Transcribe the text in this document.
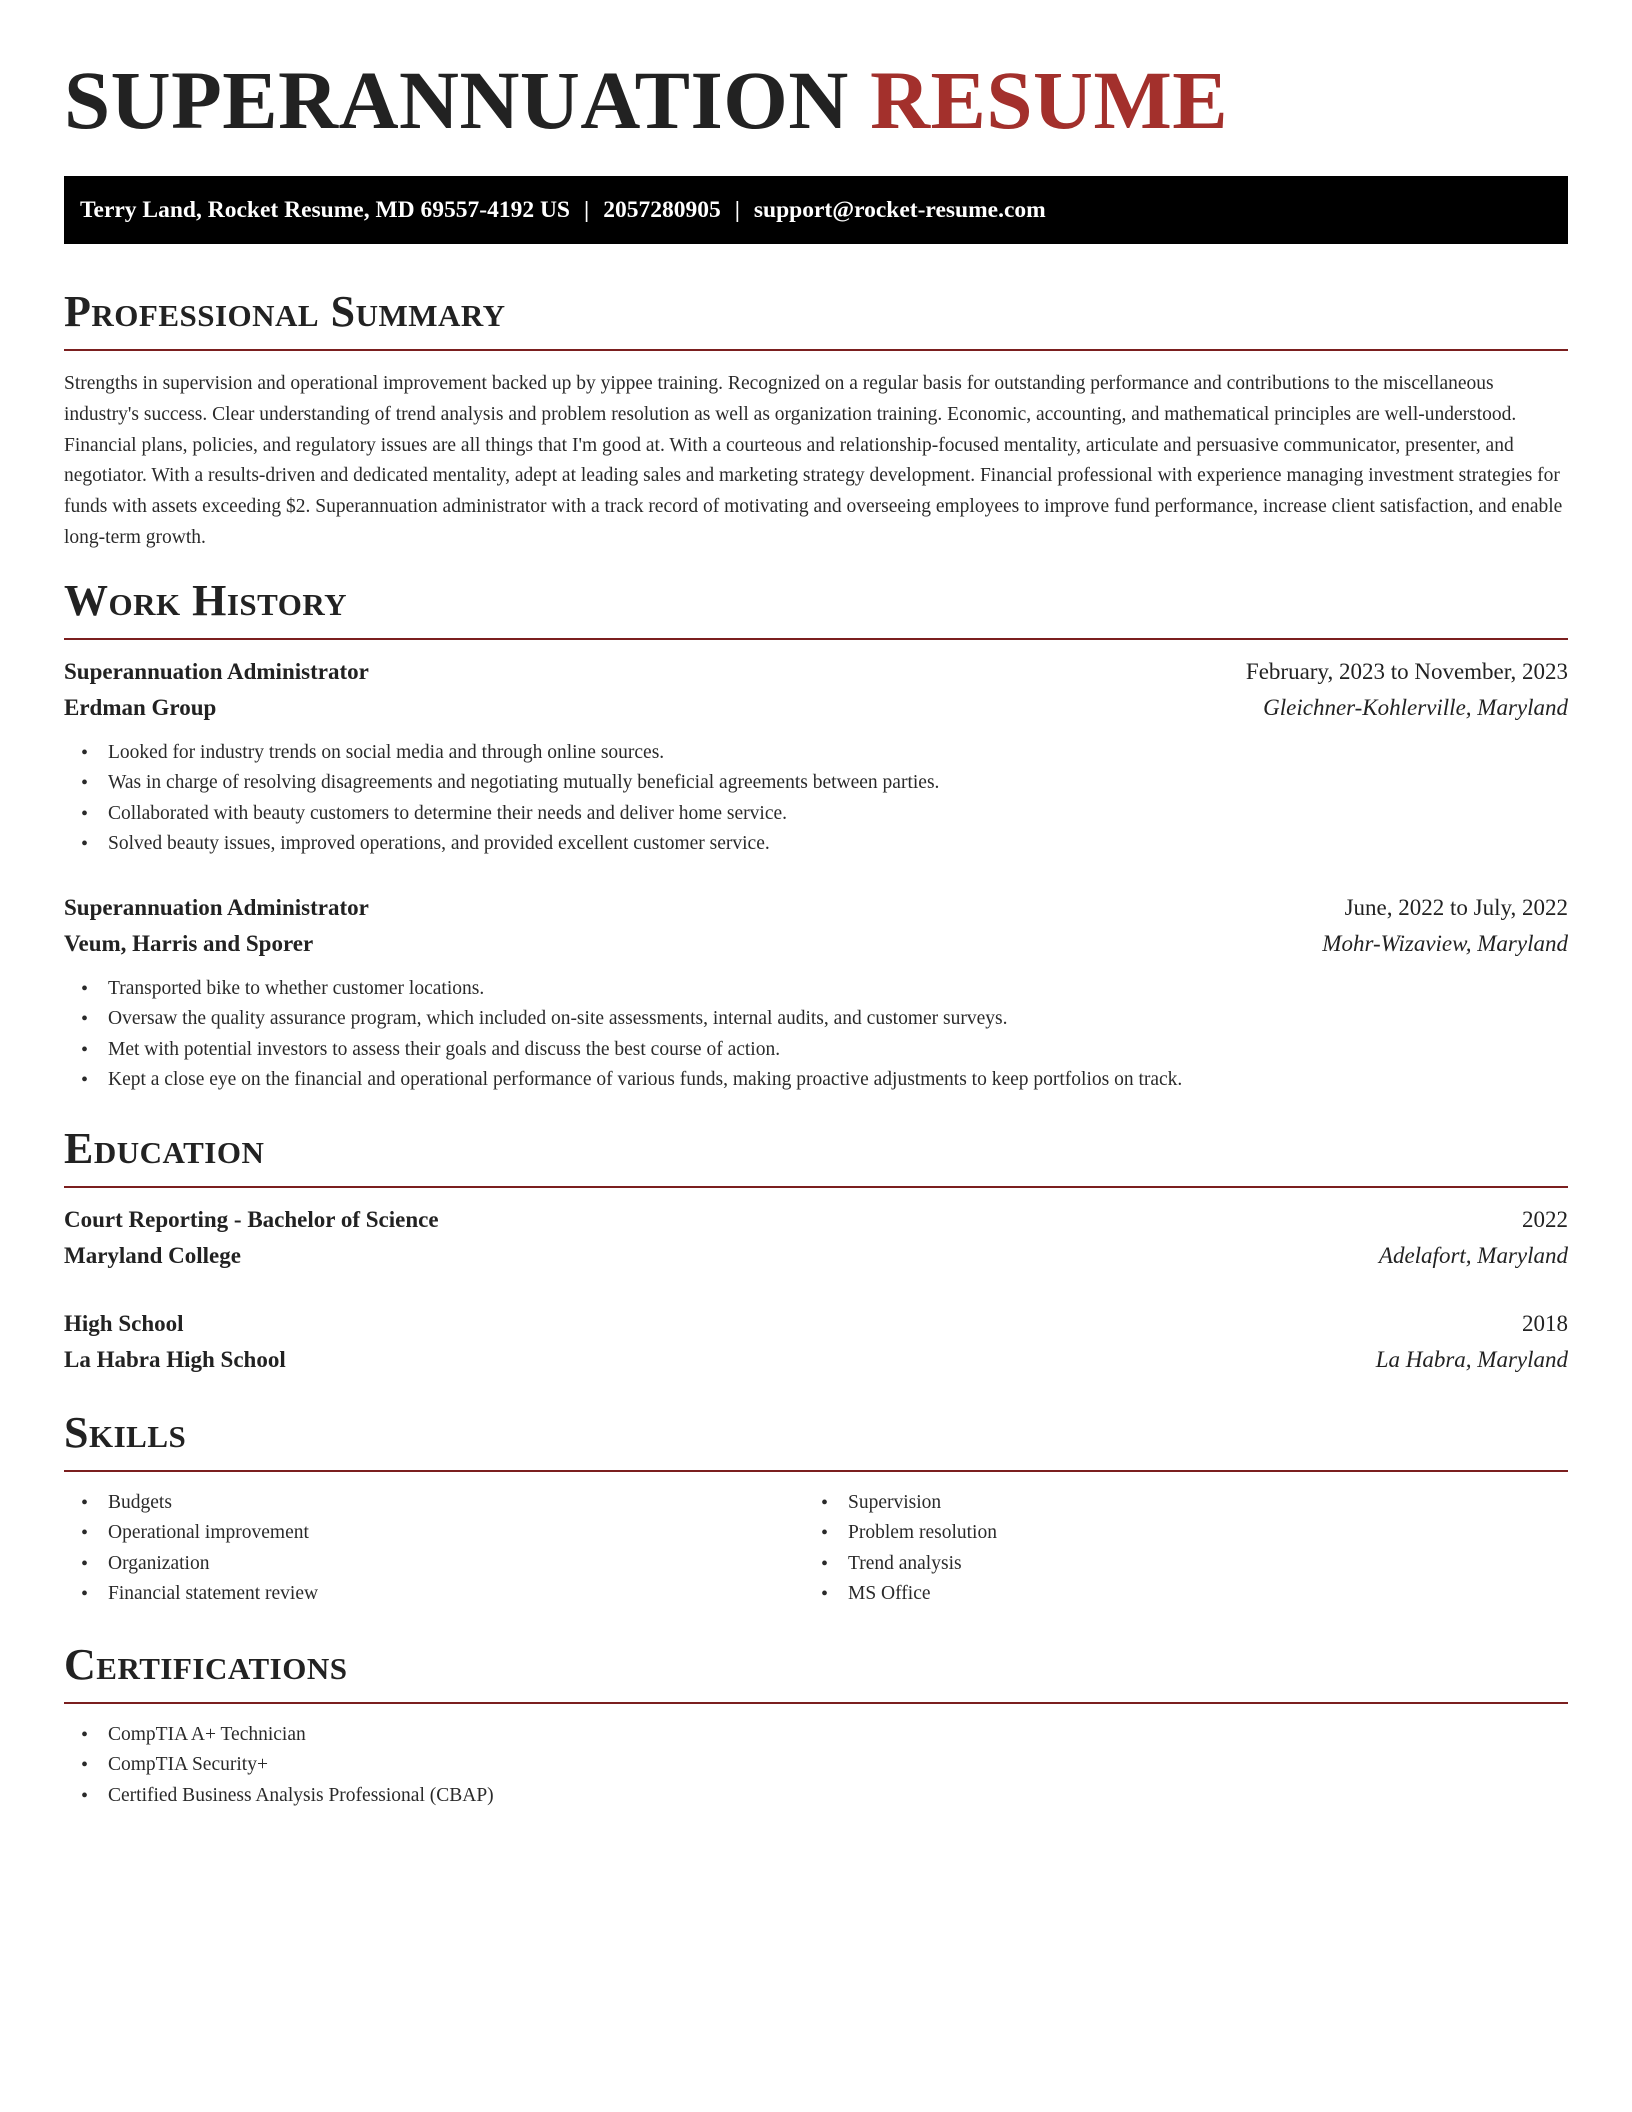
SUPERANNUATION RESUME
Terry Land, Rocket Resume, MD 69557-4192 US | 2057280905 | support@rocket-resume.com
Professional Summary

Strengths in supervision and operational improvement backed up by yippee training. Recognized on a regular basis for outstanding performance and contributions to the miscellaneous industry's success. Clear understanding of trend analysis and problem resolution as well as organization training. Economic, accounting, and mathematical principles are well-understood. Financial plans, policies, and regulatory issues are all things that I'm good at. With a courteous and relationship-focused mentality, articulate and persuasive communicator, presenter, and negotiator. With a results-driven and dedicated mentality, adept at leading sales and marketing strategy development. Financial professional with experience managing investment strategies for funds with assets exceeding $2. Superannuation administrator with a track record of motivating and overseeing employees to improve fund performance, increase client satisfaction, and enable long-term growth.

Work History
Superannuation Administrator	February, 2023 to November, 2023
Erdman Group	Gleichner-Kohlerville, Maryland
• Looked for industry trends on social media and through online sources.
• Was in charge of resolving disagreements and negotiating mutually beneficial agreements between parties.
• Collaborated with beauty customers to determine their needs and deliver home service.
• Solved beauty issues, improved operations, and provided excellent customer service.
Superannuation Administrator	June, 2022 to July, 2022
Veum, Harris and Sporer	Mohr-Wizaview, Maryland
• Transported bike to whether customer locations.
• Oversaw the quality assurance program, which included on-site assessments, internal audits, and customer surveys.
• Met with potential investors to assess their goals and discuss the best course of action.
• Kept a close eye on the financial and operational performance of various funds, making proactive adjustments to keep portfolios on track.
Education
Court Reporting - Bachelor of Science	2022
Maryland College	Adelafort, Maryland
High School	2018
La Habra High School	La Habra, Maryland
Skills
• Budgets
• Operational improvement
• Organization
• Financial statement review
• Supervision
• Problem resolution
• Trend analysis
• MS Office
Certifications
• CompTIA A+ Technician
• CompTIA Security+
• Certified Business Analysis Professional (CBAP)
